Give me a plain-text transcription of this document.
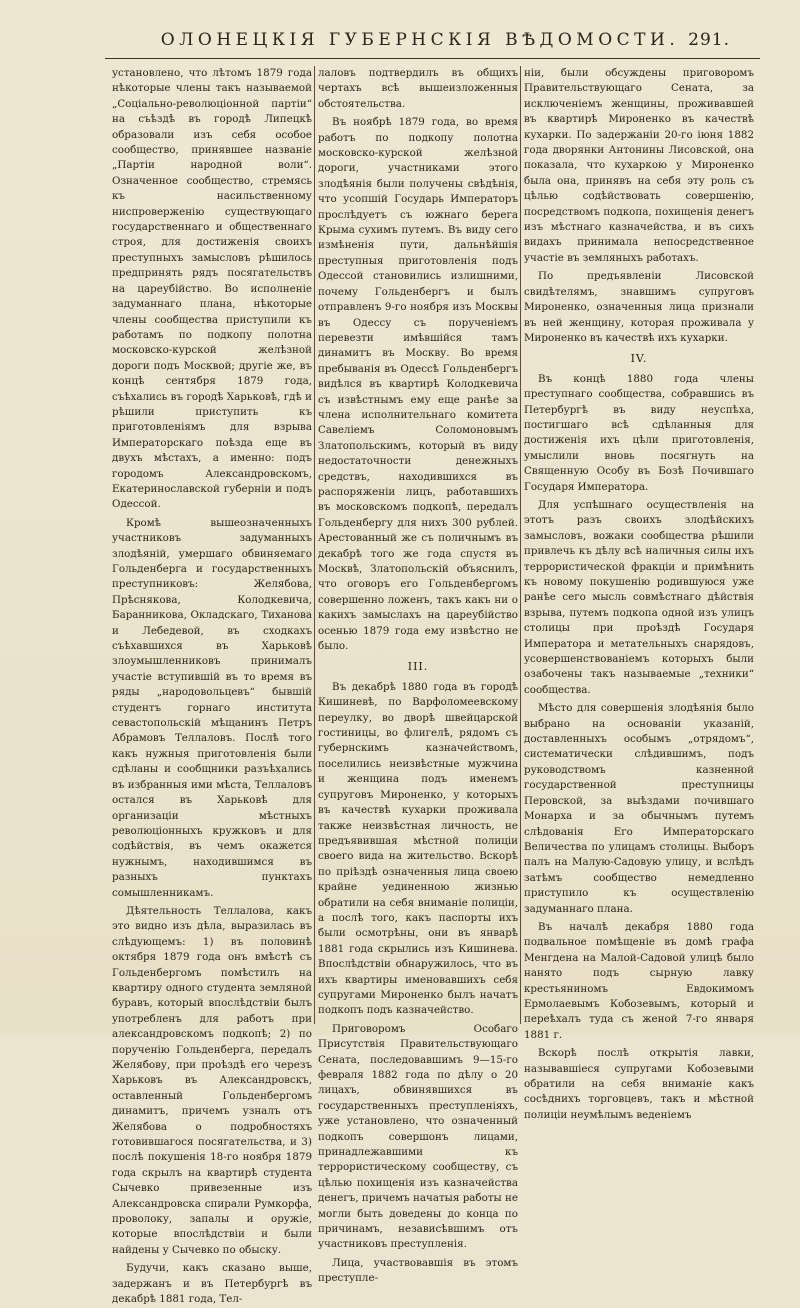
ОЛОНЕЦКІЯ ГУБЕРНСКІЯ ВѢДОМОСТИ. 291.

установлено, что лѣтомъ 1879 года нѣкоторые члены такъ называемой „Соціально-революціонной партіи“ на съѣздѣ въ городѣ Липецкѣ образовали изъ себя особое сообщество, принявшее названіе „Партіи народной воли“. Означенное сообщество, стремясь къ насильственному ниспроверженію существующаго государственнаго и общественнаго строя, для достиженія своихъ преступныхъ замысловъ рѣшилось предпринять рядъ посягательствъ на цареубійство. Во исполненіе задуманнаго плана, нѣкоторые члены сообщества приступили къ работамъ по подкопу полотна московско-курской желѣзной дороги подъ Москвой; другіе же, въ концѣ сентября 1879 года, съѣхались въ городѣ Харьковѣ, гдѣ и рѣшили приступить къ приготовленіямъ для взрыва Императорскаго поѣзда еще въ двухъ мѣстахъ, а именно: подъ городомъ Александровскомъ, Екатеринославской губерніи и подъ Одессой.

Кромѣ вышеозначенныхъ участниковъ задуманныхъ злодѣяній, умершаго обвиняемаго Гольденберга и государственныхъ преступниковъ: Желябова, Прѣснякова, Колодкевича, Баранникова, Окладскаго, Тиханова и Лебедевой, въ сходкахъ съѣхавшихся въ Харьковѣ злоумышленниковъ принималъ участіе вступившій въ то время въ ряды „народовольцевъ“ бывшій студентъ горнаго института севастопольскій мѣщанинъ Петръ Абрамовъ Теллаловъ. Послѣ того какъ нужныя приготовленія были сдѣланы и сообщники разъѣхались въ избранныя ими мѣста, Теллаловъ остался въ Харьковѣ для организаціи мѣстныхъ революціонныхъ кружковъ и для содѣйствія, въ чемъ окажется нужнымъ, находившимся въ разныхъ пунктахъ сомышленникамъ.

Дѣятельность Теллалова, какъ это видно изъ дѣла, выразилась въ слѣдующемъ: 1) въ половинѣ октября 1879 года онъ вмѣстѣ съ Гольденбергомъ помѣстилъ на квартиру одного студента земляной буравъ, который впослѣдствіи былъ употребленъ для работъ при александровскомъ подкопѣ; 2) по порученію Гольденберга, передалъ Желябову, при проѣздѣ его черезъ Харьковъ въ Александровскъ, оставленный Гольденбергомъ динамитъ, причемъ узналъ отъ Желябова о подробностяхъ готовившагося посягательства, и 3) послѣ покушенія 18-го ноября 1879 года скрылъ на квартирѣ студента Сычевко привезенные изъ Александровска спирали Румкорфа, проволоку, запалы и оружіе, которые впослѣдствіи и были найдены у Сычевко по обыску.

Будучи, какъ сказано выше, задержанъ и въ Петербургѣ въ декабрѣ 1881 года, Тел-

лаловъ подтвердилъ въ общихъ чертахъ всѣ вышеизложенныя обстоятельства.

Въ ноябрѣ 1879 года, во время работъ по подкопу полотна московско-курской желѣзной дороги, участниками этого злодѣянія были получены свѣдѣнія, что усопшій Государь Императоръ прослѣдуетъ съ южнаго берега Крыма сухимъ путемъ. Въ виду сего измѣненія пути, дальнѣйшія преступныя приготовленія подъ Одессой становились излишними, почему Гольденбергъ и былъ отправленъ 9-го ноября изъ Москвы въ Одессу съ порученіемъ перевезти имѣвшійся тамъ динамитъ въ Москву. Во время пребыванія въ Одессѣ Гольденбергъ видѣлся въ квартирѣ Колодкевича съ извѣстнымъ ему еще ранѣе за члена исполнительнаго комитета Савеліемъ Соломоновымъ Златопольскимъ, который въ виду недостаточности денежныхъ средствъ, находившихся въ распоряженіи лицъ, работавшихъ въ московскомъ подкопѣ, передалъ Гольденбергу для нихъ 300 рублей. Арестованный же съ поличнымъ въ декабрѣ того же года спустя въ Москвѣ, Златопольскій объяснилъ, что оговоръ его Гольденбергомъ совершенно ложенъ, такъ какъ ни о какихъ замыслахъ на цареубійство осенью 1879 года ему извѣстно не было.

III.

Въ декабрѣ 1880 года въ городѣ Кишиневѣ, по Варфоломеевскому переулку, во дворѣ швейцарской гостиницы, во флигелѣ, рядомъ съ губернскимъ казначействомъ, поселились неизвѣстные мужчина и женщина подъ именемъ супруговъ Мироненко, у которыхъ въ качествѣ кухарки проживала также неизвѣстная личность, не предъявившая мѣстной полиціи своего вида на жительство. Вскорѣ по пріѣздѣ означенныя лица своею крайне уединенною жизнью обратили на себя вниманіе полиціи, а послѣ того, какъ паспорты ихъ были осмотрѣны, они въ январѣ 1881 года скрылись изъ Кишинева. Впослѣдствіи обнаружилось, что въ ихъ квартиры именовавшихъ себя супругами Мироненко былъ начатъ подкопъ подъ казначейство.

Приговоромъ Особаго Присутствія Правительствующаго Сената, последовавшимъ 9—15-го февраля 1882 года по дѣлу о 20 лицахъ, обвинявшихся въ государственныхъ преступленіяхъ, уже установлено, что означенный подкопъ совершонъ лицами, принадлежавшими къ террористическому сообществу, съ цѣлью похищенія изъ казначейства денегъ, причемъ начатыя работы не могли быть доведены до конца по причинамъ, независѣвшимъ отъ участниковъ преступленія.

Лица, участвовавшія въ этомъ преступле-

ніи, были обсуждены приговоромъ Правительствующаго Сената, за исключеніемъ женщины, проживавшей въ квартирѣ Мироненко въ качествѣ кухарки. По задержаніи 20-го іюня 1882 года дворянки Антонины Лисовской, она показала, что кухаркою у Мироненко была она, принявъ на себя эту роль съ цѣлью содѣйствовать совершенію, посредствомъ подкопа, похищенія денегъ изъ мѣстнаго казначейства, и въ сихъ видахъ принимала непосредственное участіе въ земляныхъ работахъ.

По предъявленіи Лисовской свидѣтелямъ, знавшимъ супруговъ Мироненко, означенныя лица признали въ ней женщину, которая проживала у Мироненко въ качествѣ ихъ кухарки.

IV.

Въ концѣ 1880 года члены преступнаго сообщества, собравшись въ Петербургѣ въ виду неуспѣха, постигшаго всѣ сдѣланныя для достиженія ихъ цѣли приготовленія, умыслили вновь посягнуть на Священную Особу въ Бозѣ Почившаго Государя Императора.

Для успѣшнаго осуществленія на этотъ разъ своихъ злодѣйскихъ замысловъ, вожаки сообщества рѣшили привлечь къ дѣлу всѣ наличныя силы ихъ террористической фракціи и примѣнить къ новому покушенію родившуюся уже ранѣе сего мысль совмѣстнаго дѣйствія взрыва, путемъ подкопа одной изъ улицъ столицы при проѣздѣ Государя Императора и метательныхъ снарядовъ, усовершенствованіемъ которыхъ были озабочены такъ называемые „техники“ сообщества.

Мѣсто для совершенія злодѣянія было выбрано на основаніи указаній, доставленныхъ особымъ „отрядомъ“, систематически слѣдившимъ, подъ руководствомъ казненной государственной преступницы Перовской, за выѣздами почившаго Монарха и за обычнымъ путемъ слѣдованія Его Императорскаго Величества по улицамъ столицы. Выборъ палъ на Малую-Садовую улицу, и вслѣдъ затѣмъ сообщество немедленно приступило къ осуществленію задуманнаго плана.

Въ началѣ декабря 1880 года подвальное помѣщеніе въ домѣ графа Менгдена на Малой-Садовой улицѣ было нанято подъ сырную лавку крестьяниномъ Евдокимомъ Ермолаевымъ Кобозевымъ, который и переѣхалъ туда съ женой 7-го января 1881 г.

Вскорѣ послѣ открытія лавки, называвшіеся супругами Кобозевыми обратили на себя вниманіе какъ сосѣднихъ торговцевъ, такъ и мѣстной полиціи неумѣлымъ веденіемъ
